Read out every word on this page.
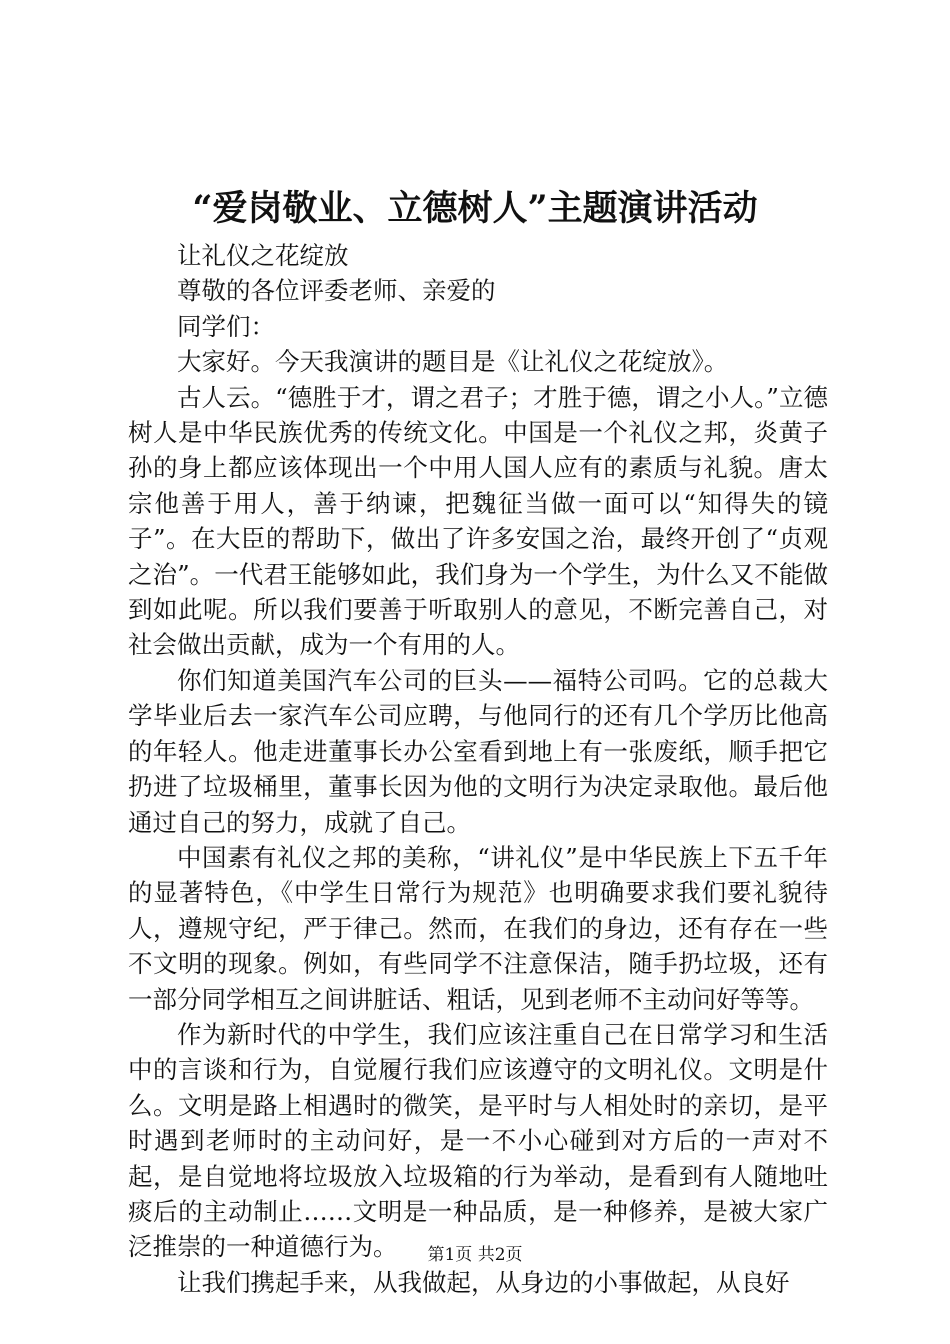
“爱岗敬业、立德树人”主题演讲活动

让礼仪之花绽放

尊敬的各位评委老师、亲爱的

同学们：

大家好。今天我演讲的题目是《让礼仪之花绽放》。

古人云。“德胜于才，谓之君子；才胜于德，谓之小人。”立德树人是中华民族优秀的传统文化。中国是一个礼仪之邦，炎黄子孙的身上都应该体现出一个中用人国人应有的素质与礼貌。唐太宗他善于用人，善于纳谏，把魏征当做一面可以“知得失的镜子”。在大臣的帮助下，做出了许多安国之治，最终开创了“贞观之治”。一代君王能够如此，我们身为一个学生，为什么又不能做到如此呢。所以我们要善于听取别人的意见，不断完善自己，对社会做出贡献，成为一个有用的人。

你们知道美国汽车公司的巨头——福特公司吗。它的总裁大学毕业后去一家汽车公司应聘，与他同行的还有几个学历比他高的年轻人。他走进董事长办公室看到地上有一张废纸，顺手把它扔进了垃圾桶里，董事长因为他的文明行为决定录取他。最后他通过自己的努力，成就了自己。

中国素有礼仪之邦的美称，“讲礼仪”是中华民族上下五千年的显著特色，《中学生日常行为规范》也明确要求我们要礼貌待人，遵规守纪，严于律己。然而，在我们的身边，还有存在一些不文明的现象。例如，有些同学不注意保洁，随手扔垃圾，还有一部分同学相互之间讲脏话、粗话，见到老师不主动问好等等。

作为新时代的中学生，我们应该注重自己在日常学习和生活中的言谈和行为，自觉履行我们应该遵守的文明礼仪。文明是什么。文明是路上相遇时的微笑，是平时与人相处时的亲切，是平时遇到老师时的主动问好，是一不小心碰到对方后的一声对不起，是自觉地将垃圾放入垃圾箱的行为举动，是看到有人随地吐痰后的主动制止……文明是一种品质，是一种修养，是被大家广泛推崇的一种道德行为。

让我们携起手来，从我做起，从身边的小事做起，从良好

第1页 共2页
